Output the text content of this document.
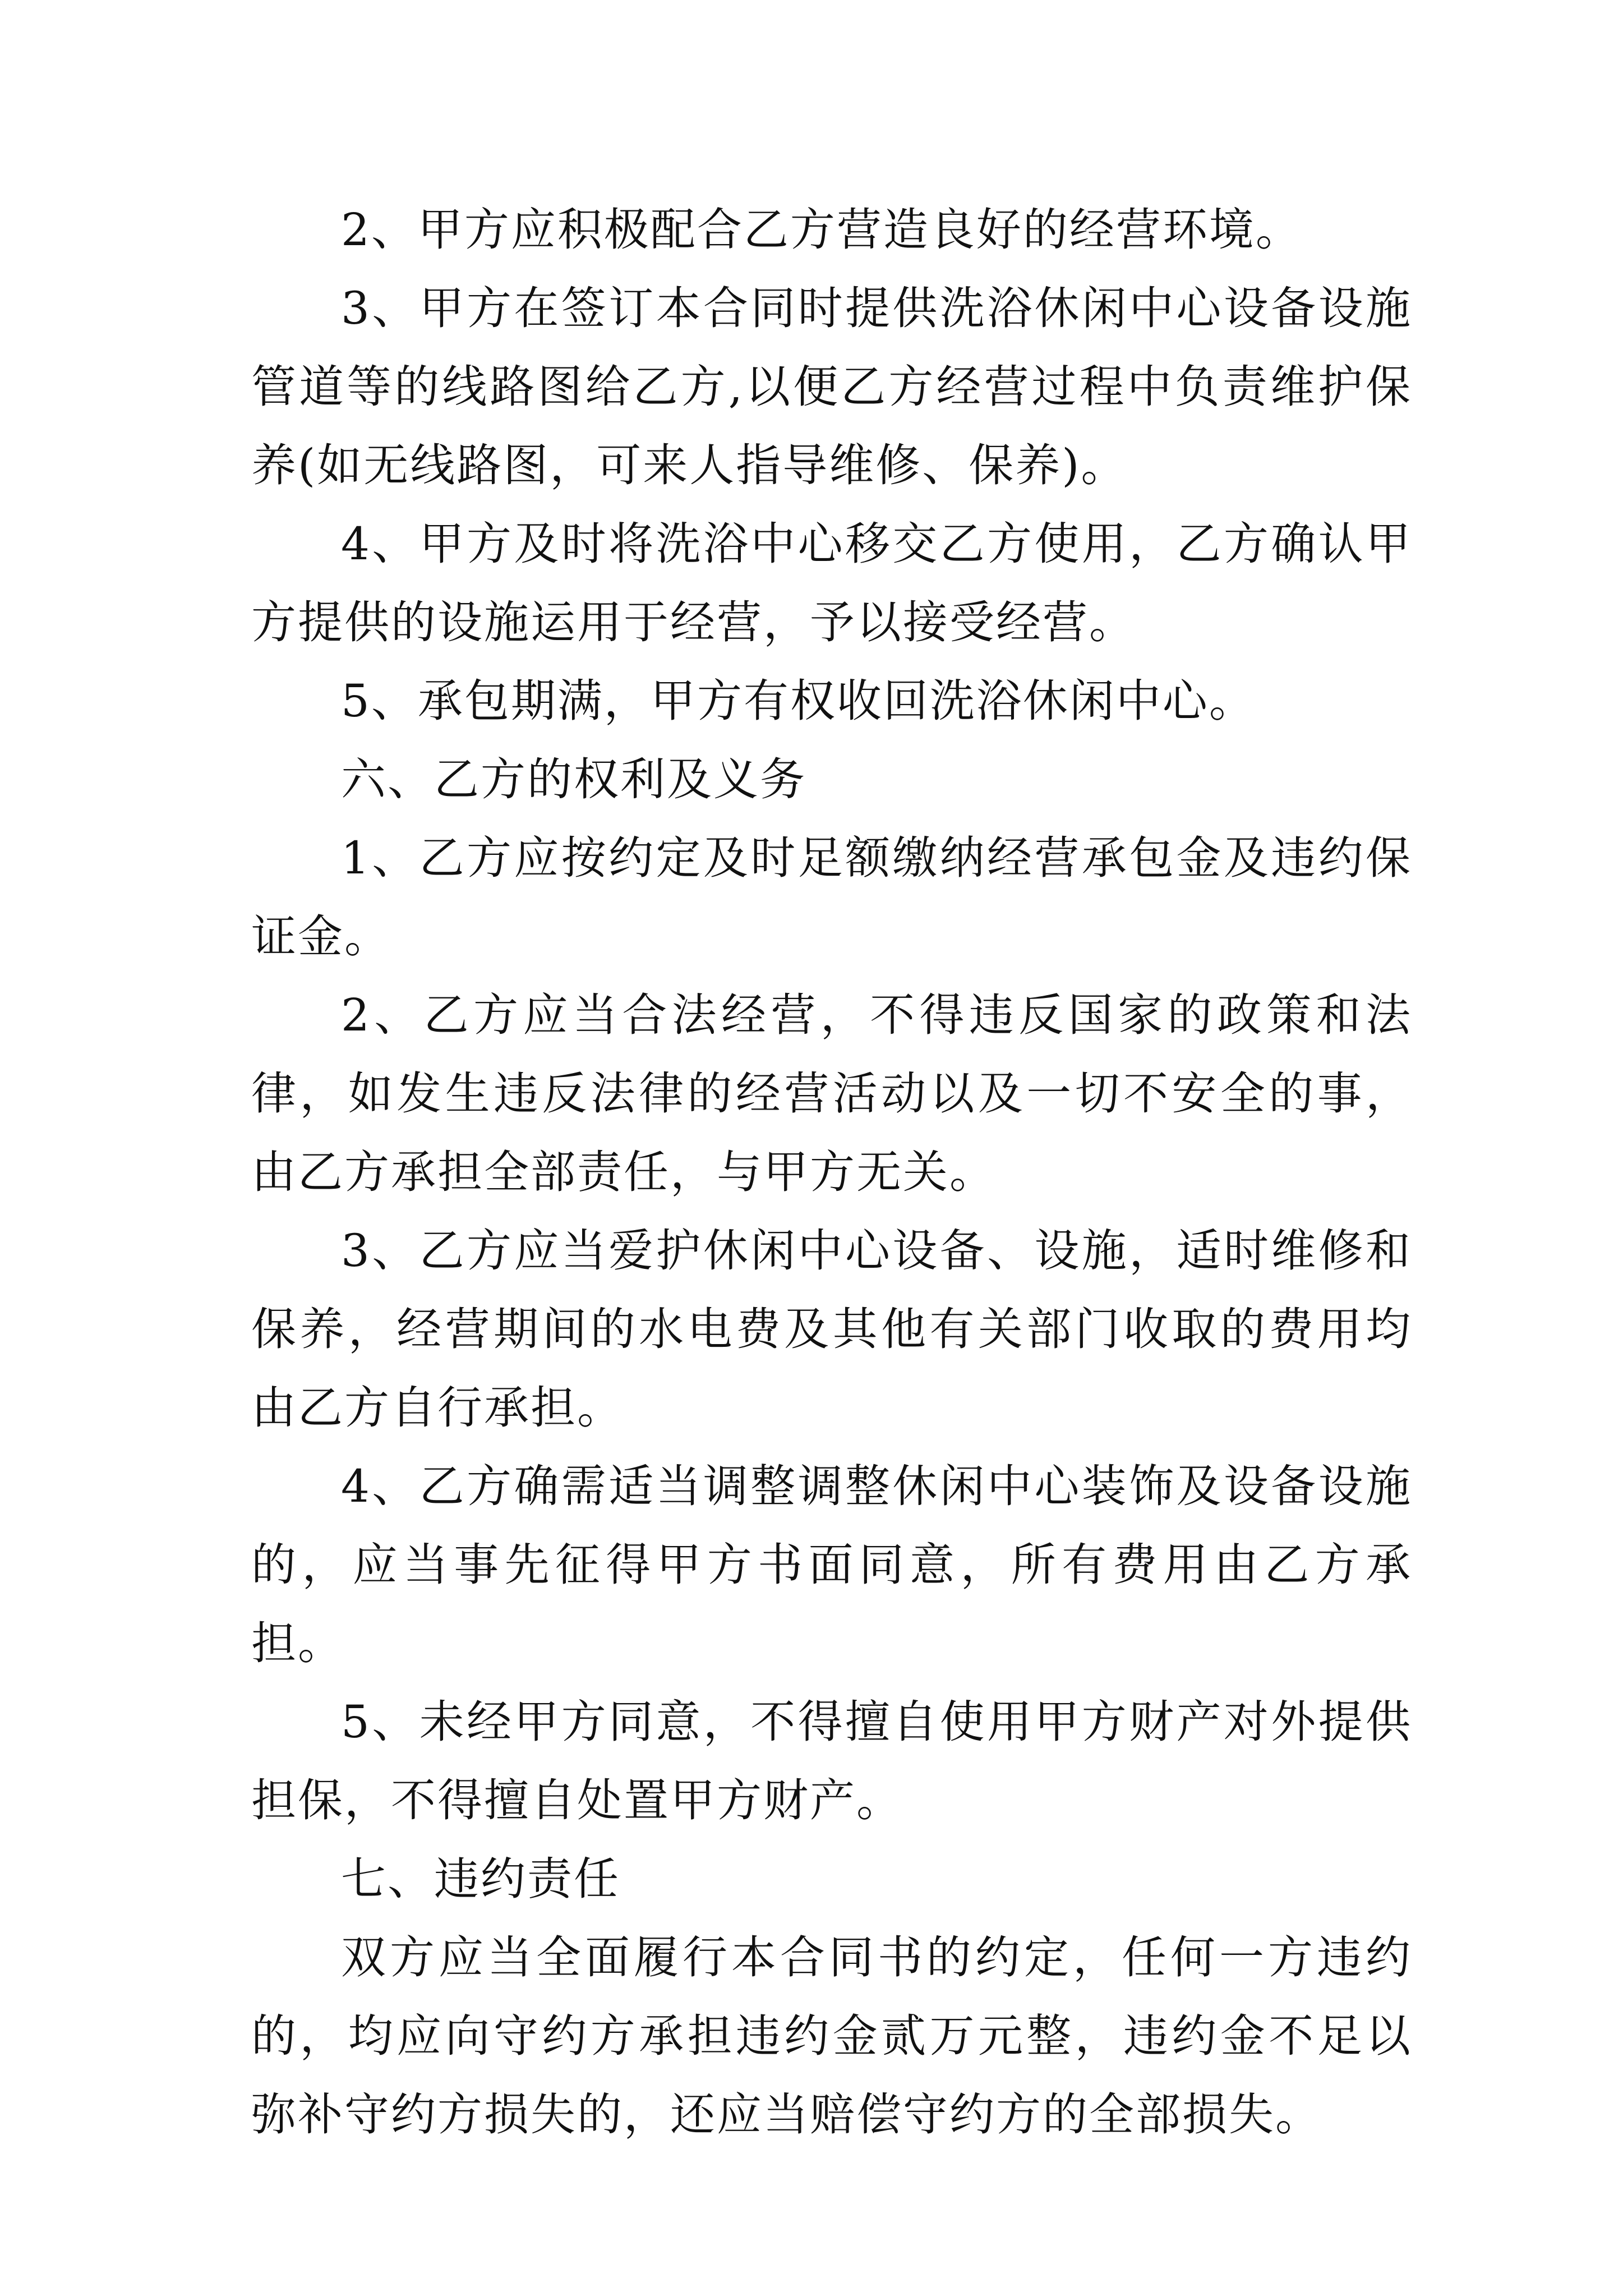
2、甲方应积极配合乙方营造良好的经营环境。

3、甲方在签订本合同时提供洗浴休闲中心设备设施管道等的线路图给乙方,以便乙方经营过程中负责维护保养(如无线路图，可来人指导维修、保养)。

4、甲方及时将洗浴中心移交乙方使用，乙方确认甲方提供的设施运用于经营，予以接受经营。

5、承包期满，甲方有权收回洗浴休闲中心。

六、乙方的权利及义务

1、乙方应按约定及时足额缴纳经营承包金及违约保证金。

2、乙方应当合法经营，不得违反国家的政策和法律，如发生违反法律的经营活动以及一切不安全的事，由乙方承担全部责任，与甲方无关。

3、乙方应当爱护休闲中心设备、设施，适时维修和保养，经营期间的水电费及其他有关部门收取的费用均由乙方自行承担。

4、乙方确需适当调整调整休闲中心装饰及设备设施的，应当事先征得甲方书面同意，所有费用由乙方承担。

5、未经甲方同意，不得擅自使用甲方财产对外提供担保，不得擅自处置甲方财产。

七、违约责任

双方应当全面履行本合同书的约定，任何一方违约的，均应向守约方承担违约金贰万元整，违约金不足以弥补守约方损失的，还应当赔偿守约方的全部损失。
